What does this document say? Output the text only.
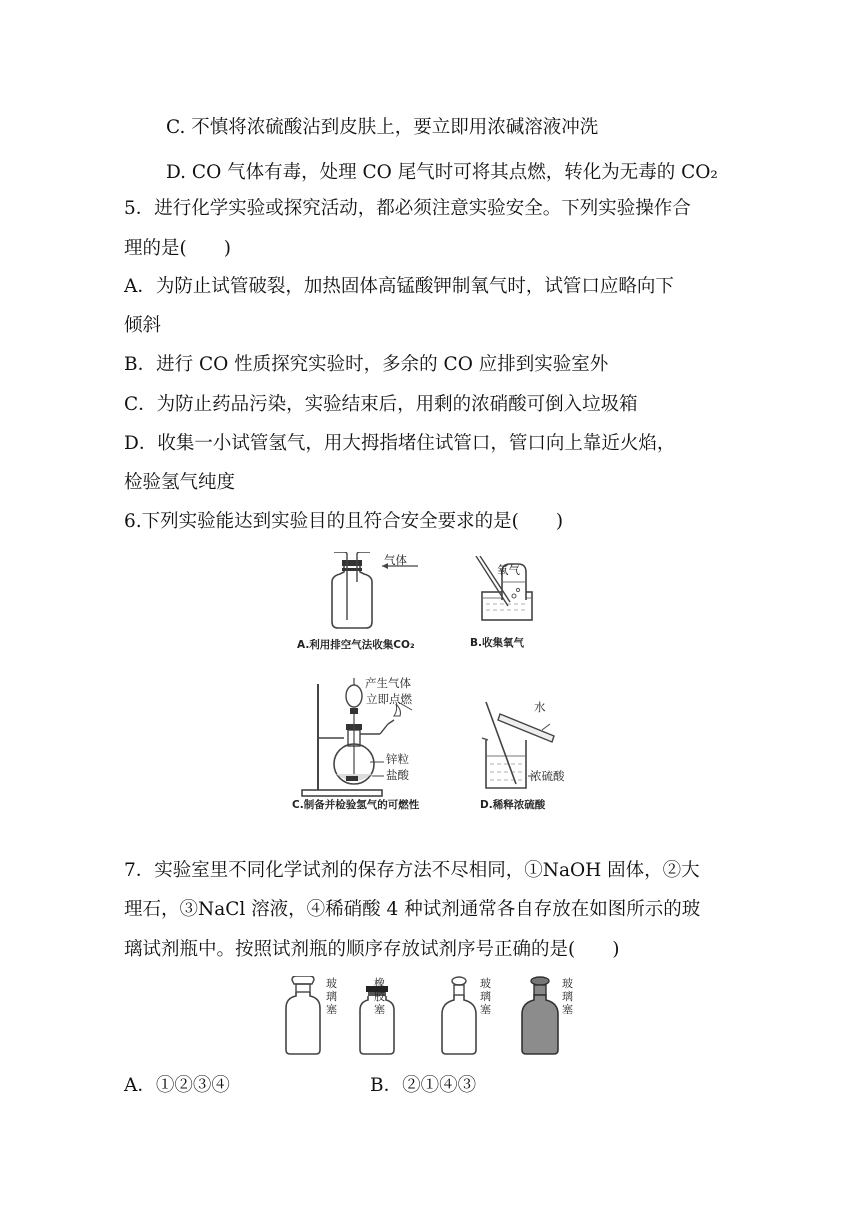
C. 不慎将浓硫酸沾到皮肤上，要立即用浓碱溶液冲洗
D. CO 气体有毒，处理 CO 尾气时可将其点燃，转化为无毒的 CO₂
5．进行化学实验或探究活动，都必须注意实验安全。下列实验操作合
理的是(　　)
A．为防止试管破裂，加热固体高锰酸钾制氧气时，试管口应略向下
倾斜
B．进行 CO 性质探究实验时，多余的 CO 应排到实验室外
C．为防止药品污染，实验结束后，用剩的浓硝酸可倒入垃圾箱
D．收集一小试管氢气，用大拇指堵住试管口，管口向上靠近火焰，
检验氢气纯度
6.下列实验能达到实验目的且符合安全要求的是(　　)
气体
A.利用排空气法收集CO₂
氧气
B.收集氧气
产生气体
立即点燃
锌粒
盐酸
C.制备并检验氢气的可燃性
水
浓硫酸
D.稀释浓硫酸
7．实验室里不同化学试剂的保存方法不尽相同，①NaOH 固体，②大
理石，③NaCl 溶液，④稀硝酸 4 种试剂通常各自存放在如图所示的玻
璃试剂瓶中。按照试剂瓶的顺序存放试剂序号正确的是(　　)
玻璃塞
橡胶塞
玻璃塞
玻璃塞
A．①②③④	B．②①④③
